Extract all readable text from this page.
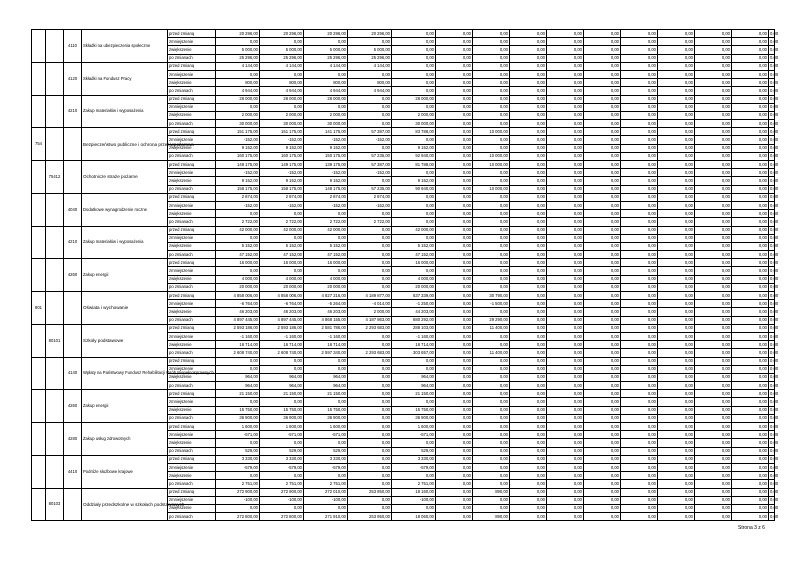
		4110	Składki na ubezpieczenia społeczne	przed zmianą	20 296,00	20 296,00	20 296,00	20 296,00	0,00	0,00	0,00	0,00	0,00	0,00	0,00	0,00	0,00	0,00	0,00
				zmniejszenie	0,00	0,00	0,00	0,00	0,00	0,00	0,00	0,00	0,00	0,00	0,00	0,00	0,00	0,00	0,00
				zwiększenie	5 000,00	5 000,00	5 000,00	5 000,00	0,00	0,00	0,00	0,00	0,00	0,00	0,00	0,00	0,00	0,00	0,00
				po zmianach	25 296,00	25 296,00	25 296,00	25 296,00	0,00	0,00	0,00	0,00	0,00	0,00	0,00	0,00	0,00	0,00	0,00
		4120	Składki na Fundusz Pracy	przed zmianą	4 144,00	4 144,00	4 144,00	4 144,00	0,00	0,00	0,00	0,00	0,00	0,00	0,00	0,00	0,00	0,00	0,00
				zmniejszenie	0,00	0,00	0,00	0,00	0,00	0,00	0,00	0,00	0,00	0,00	0,00	0,00	0,00	0,00	0,00
				zwiększenie	800,00	800,00	800,00	800,00	0,00	0,00	0,00	0,00	0,00	0,00	0,00	0,00	0,00	0,00	0,00
				po zmianach	4 944,00	4 944,00	4 944,00	4 944,00	0,00	0,00	0,00	0,00	0,00	0,00	0,00	0,00	0,00	0,00	0,00
		4210	Zakup materiałów i wyposażenia	przed zmianą	28 000,00	28 000,00	28 000,00	0,00	28 000,00	0,00	0,00	0,00	0,00	0,00	0,00	0,00	0,00	0,00	0,00
				zmniejszenie	0,00	0,00	0,00	0,00	0,00	0,00	0,00	0,00	0,00	0,00	0,00	0,00	0,00	0,00	0,00
				zwiększenie	2 000,00	2 000,00	2 000,00	0,00	2 000,00	0,00	0,00	0,00	0,00	0,00	0,00	0,00	0,00	0,00	0,00
				po zmianach	30 000,00	30 000,00	30 000,00	0,00	30 000,00	0,00	0,00	0,00	0,00	0,00	0,00	0,00	0,00	0,00	0,00
754			Bezpieczeństwo publiczne i ochrona przeciwpożarowa	przed zmianą	151 175,00	151 175,00	141 175,00	57 387,00	83 788,00	0,00	10 000,00	0,00	0,00	0,00	0,00	0,00	0,00	0,00	0,00
				zmniejszenie	-152,00	-152,00	-152,00	-152,00	0,00	0,00	0,00	0,00	0,00	0,00	0,00	0,00	0,00	0,00	0,00
				zwiększenie	9 152,00	9 152,00	9 152,00	0,00	9 152,00	0,00	0,00	0,00	0,00	0,00	0,00	0,00	0,00	0,00	0,00
				po zmianach	160 175,00	160 175,00	150 175,00	57 235,00	92 940,00	0,00	10 000,00	0,00	0,00	0,00	0,00	0,00	0,00	0,00	0,00
	75412		Ochotnicze straże pożarne	przed zmianą	149 175,00	149 175,00	139 175,00	57 387,00	81 788,00	0,00	10 000,00	0,00	0,00	0,00	0,00	0,00	0,00	0,00	0,00
				zmniejszenie	-152,00	-152,00	-152,00	-152,00	0,00	0,00	0,00	0,00	0,00	0,00	0,00	0,00	0,00	0,00	0,00
				zwiększenie	9 152,00	9 152,00	9 152,00	0,00	9 152,00	0,00	0,00	0,00	0,00	0,00	0,00	0,00	0,00	0,00	0,00
				po zmianach	158 175,00	158 175,00	148 175,00	57 235,00	90 940,00	0,00	10 000,00	0,00	0,00	0,00	0,00	0,00	0,00	0,00	0,00
		4040	Dodatkowe wynagrodzenie roczne	przed zmianą	2 874,00	2 874,00	2 874,00	2 874,00	0,00	0,00	0,00	0,00	0,00	0,00	0,00	0,00	0,00	0,00	0,00
				zmniejszenie	-152,00	-152,00	-152,00	-152,00	0,00	0,00	0,00	0,00	0,00	0,00	0,00	0,00	0,00	0,00	0,00
				zwiększenie	0,00	0,00	0,00	0,00	0,00	0,00	0,00	0,00	0,00	0,00	0,00	0,00	0,00	0,00	0,00
				po zmianach	2 722,00	2 722,00	2 722,00	2 722,00	0,00	0,00	0,00	0,00	0,00	0,00	0,00	0,00	0,00	0,00	0,00
		4210	Zakup materiałów i wyposażenia	przed zmianą	42 000,00	42 000,00	42 000,00	0,00	42 000,00	0,00	0,00	0,00	0,00	0,00	0,00	0,00	0,00	0,00	0,00
				zmniejszenie	0,00	0,00	0,00	0,00	0,00	0,00	0,00	0,00	0,00	0,00	0,00	0,00	0,00	0,00	0,00
				zwiększenie	5 152,00	5 152,00	5 152,00	0,00	5 152,00	0,00	0,00	0,00	0,00	0,00	0,00	0,00	0,00	0,00	0,00
				po zmianach	47 152,00	47 152,00	47 152,00	0,00	47 152,00	0,00	0,00	0,00	0,00	0,00	0,00	0,00	0,00	0,00	0,00
		4260	Zakup energii	przed zmianą	16 000,00	16 000,00	16 000,00	0,00	16 000,00	0,00	0,00	0,00	0,00	0,00	0,00	0,00	0,00	0,00	0,00
				zmniejszenie	0,00	0,00	0,00	0,00	0,00	0,00	0,00	0,00	0,00	0,00	0,00	0,00	0,00	0,00	0,00
				zwiększenie	4 000,00	4 000,00	4 000,00	0,00	4 000,00	0,00	0,00	0,00	0,00	0,00	0,00	0,00	0,00	0,00	0,00
				po zmianach	20 000,00	20 000,00	20 000,00	0,00	20 000,00	0,00	0,00	0,00	0,00	0,00	0,00	0,00	0,00	0,00	0,00
801			Oświata i wychowanie	przed zmianą	4 858 006,00	4 858 006,00	4 827 216,00	4 189 877,00	637 339,00	0,00	30 790,00	0,00	0,00	0,00	0,00	0,00	0,00	0,00	0,00
				zmniejszenie	-6 764,00	-6 764,00	-5 264,00	-4 014,00	-1 250,00	0,00	-1 500,00	0,00	0,00	0,00	0,00	0,00	0,00	0,00	0,00
				zwiększenie	46 203,00	46 203,00	46 203,00	2 000,00	44 203,00	0,00	0,00	0,00	0,00	0,00	0,00	0,00	0,00	0,00	0,00
				po zmianach	4 897 445,00	4 897 445,00	4 868 155,00	4 187 863,00	680 292,00	0,00	29 290,00	0,00	0,00	0,00	0,00	0,00	0,00	0,00	0,00
	80101		Szkoły podstawowe	przed zmianą	2 593 186,00	2 593 186,00	2 581 786,00	2 293 683,00	288 103,00	0,00	11 400,00	0,00	0,00	0,00	0,00	0,00	0,00	0,00	0,00
				zmniejszenie	-1 160,00	-1 160,00	-1 160,00	0,00	-1 160,00	0,00	0,00	0,00	0,00	0,00	0,00	0,00	0,00	0,00	0,00
				zwiększenie	16 714,00	16 714,00	16 714,00	0,00	16 714,00	0,00	0,00	0,00	0,00	0,00	0,00	0,00	0,00	0,00	0,00
				po zmianach	2 608 740,00	2 608 740,00	2 597 340,00	2 293 683,00	303 657,00	0,00	11 400,00	0,00	0,00	0,00	0,00	0,00	0,00	0,00	0,00
		4140	Wpłaty na Państwowy Fundusz Rehabilitacji Osób Niepełnosprawnych	przed zmianą	0,00	0,00	0,00	0,00	0,00	0,00	0,00	0,00	0,00	0,00	0,00	0,00	0,00	0,00	0,00
				zmniejszenie	0,00	0,00	0,00	0,00	0,00	0,00	0,00	0,00	0,00	0,00	0,00	0,00	0,00	0,00	0,00
				zwiększenie	964,00	964,00	964,00	0,00	964,00	0,00	0,00	0,00	0,00	0,00	0,00	0,00	0,00	0,00	0,00
				po zmianach	964,00	964,00	964,00	0,00	964,00	0,00	0,00	0,00	0,00	0,00	0,00	0,00	0,00	0,00	0,00
		4260	Zakup energii	przed zmianą	21 150,00	21 150,00	21 150,00	0,00	21 150,00	0,00	0,00	0,00	0,00	0,00	0,00	0,00	0,00	0,00	0,00
				zmniejszenie	0,00	0,00	0,00	0,00	0,00	0,00	0,00	0,00	0,00	0,00	0,00	0,00	0,00	0,00	0,00
				zwiększenie	15 750,00	15 750,00	15 750,00	0,00	15 750,00	0,00	0,00	0,00	0,00	0,00	0,00	0,00	0,00	0,00	0,00
				po zmianach	36 900,00	36 900,00	36 900,00	0,00	36 900,00	0,00	0,00	0,00	0,00	0,00	0,00	0,00	0,00	0,00	0,00
		4280	Zakup usług zdrowotnych	przed zmianą	1 600,00	1 600,00	1 600,00	0,00	1 600,00	0,00	0,00	0,00	0,00	0,00	0,00	0,00	0,00	0,00	0,00
				zmniejszenie	-571,00	-571,00	-571,00	0,00	-571,00	0,00	0,00	0,00	0,00	0,00	0,00	0,00	0,00	0,00	0,00
				zwiększenie	0,00	0,00	0,00	0,00	0,00	0,00	0,00	0,00	0,00	0,00	0,00	0,00	0,00	0,00	0,00
				po zmianach	529,00	529,00	529,00	0,00	529,00	0,00	0,00	0,00	0,00	0,00	0,00	0,00	0,00	0,00	0,00
		4410	Podróże służbowe krajowe	przed zmianą	3 330,00	3 330,00	3 330,00	0,00	3 330,00	0,00	0,00	0,00	0,00	0,00	0,00	0,00	0,00	0,00	0,00
				zmniejszenie	-579,00	-579,00	-579,00	0,00	-579,00	0,00	0,00	0,00	0,00	0,00	0,00	0,00	0,00	0,00	0,00
				zwiększenie	0,00	0,00	0,00	0,00	0,00	0,00	0,00	0,00	0,00	0,00	0,00	0,00	0,00	0,00	0,00
				po zmianach	2 751,00	2 751,00	2 751,00	0,00	2 751,00	0,00	0,00	0,00	0,00	0,00	0,00	0,00	0,00	0,00	0,00
	80103		Oddziały przedszkolne w szkołach podstawowych	przed zmianą	272 900,00	272 900,00	272 010,00	253 950,00	18 160,00	0,00	890,00	0,00	0,00	0,00	0,00	0,00	0,00	0,00	0,00
				zmniejszenie	-100,00	-100,00	-100,00	0,00	-100,00	0,00	0,00	0,00	0,00	0,00	0,00	0,00	0,00	0,00	0,00
				zwiększenie	0,00	0,00	0,00	0,00	0,00	0,00	0,00	0,00	0,00	0,00	0,00	0,00	0,00	0,00	0,00
				po zmianach	272 800,00	272 800,00	271 910,00	253 950,00	18 060,00	0,00	890,00	0,00	0,00	0,00	0,00	0,00	0,00	0,00	0,00
Strona 3 z 6
